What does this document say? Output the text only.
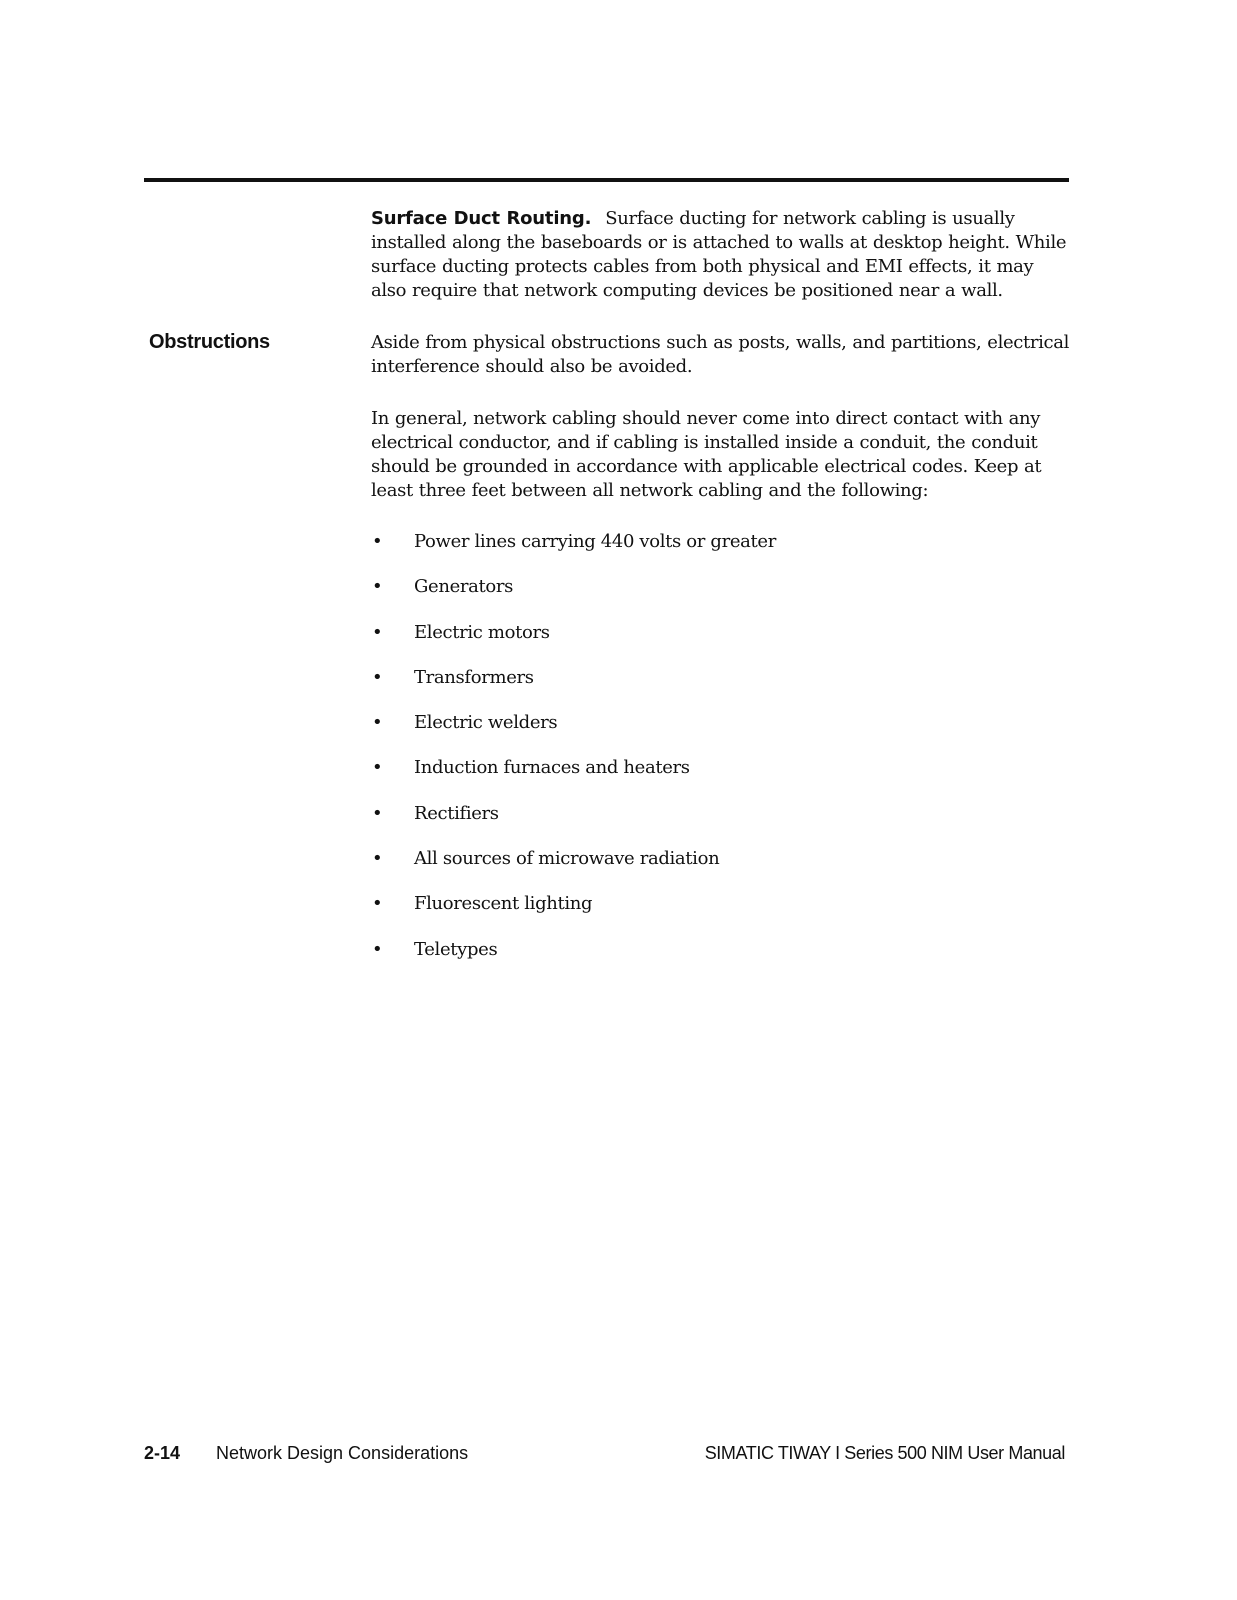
Surface Duct Routing. Surface ducting for network cabling is usually installed along the baseboards or is attached to walls at desktop height. While surface ducting protects cables from both physical and EMI effects, it may also require that network computing devices be positioned near a wall.

Obstructions	Aside from physical obstructions such as posts, walls, and partitions, electrical interference should also be avoided.

In general, network cabling should never come into direct contact with any electrical conductor, and if cabling is installed inside a conduit, the conduit should be grounded in accordance with applicable electrical codes. Keep at least three feet between all network cabling and the following:

• Power lines carrying 440 volts or greater
• Generators
• Electric motors
• Transformers
• Electric welders
• Induction furnaces and heaters
• Rectifiers
• All sources of microwave radiation
• Fluorescent lighting
• Teletypes
2-14 Network Design Considerations	SIMATIC TIWAY I Series 500 NIM User Manual
